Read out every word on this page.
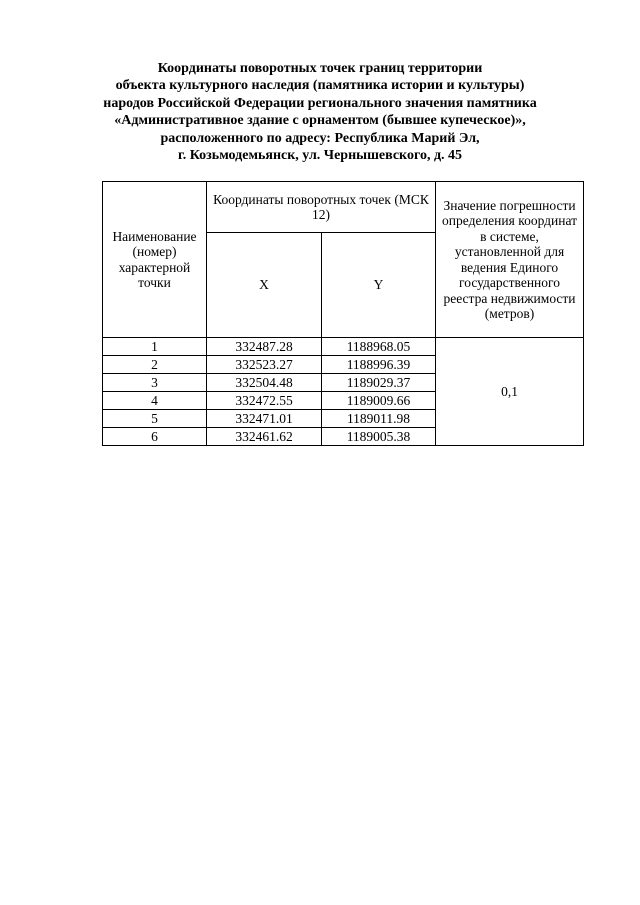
Координаты поворотных точек границ территории
объекта культурного наследия (памятника истории и культуры)
народов Российской Федерации регионального значения памятника
«Административное здание с орнаментом (бывшее купеческое)»,
расположенного по адресу: Республика Марий Эл,
г. Козьмодемьянск, ул. Чернышевского, д. 45
Наименование (номер) характерной точки	Координаты поворотных точек (МСК 12)		Значение погрешности определения координат в системе, установленной для ведения Единого государственного реестра недвижимости (метров)
	X	Y	
1	332487.28	1188968.05	0,1
2	332523.27	1188996.39	
3	332504.48	1189029.37	
4	332472.55	1189009.66	
5	332471.01	1189011.98	
6	332461.62	1189005.38	
